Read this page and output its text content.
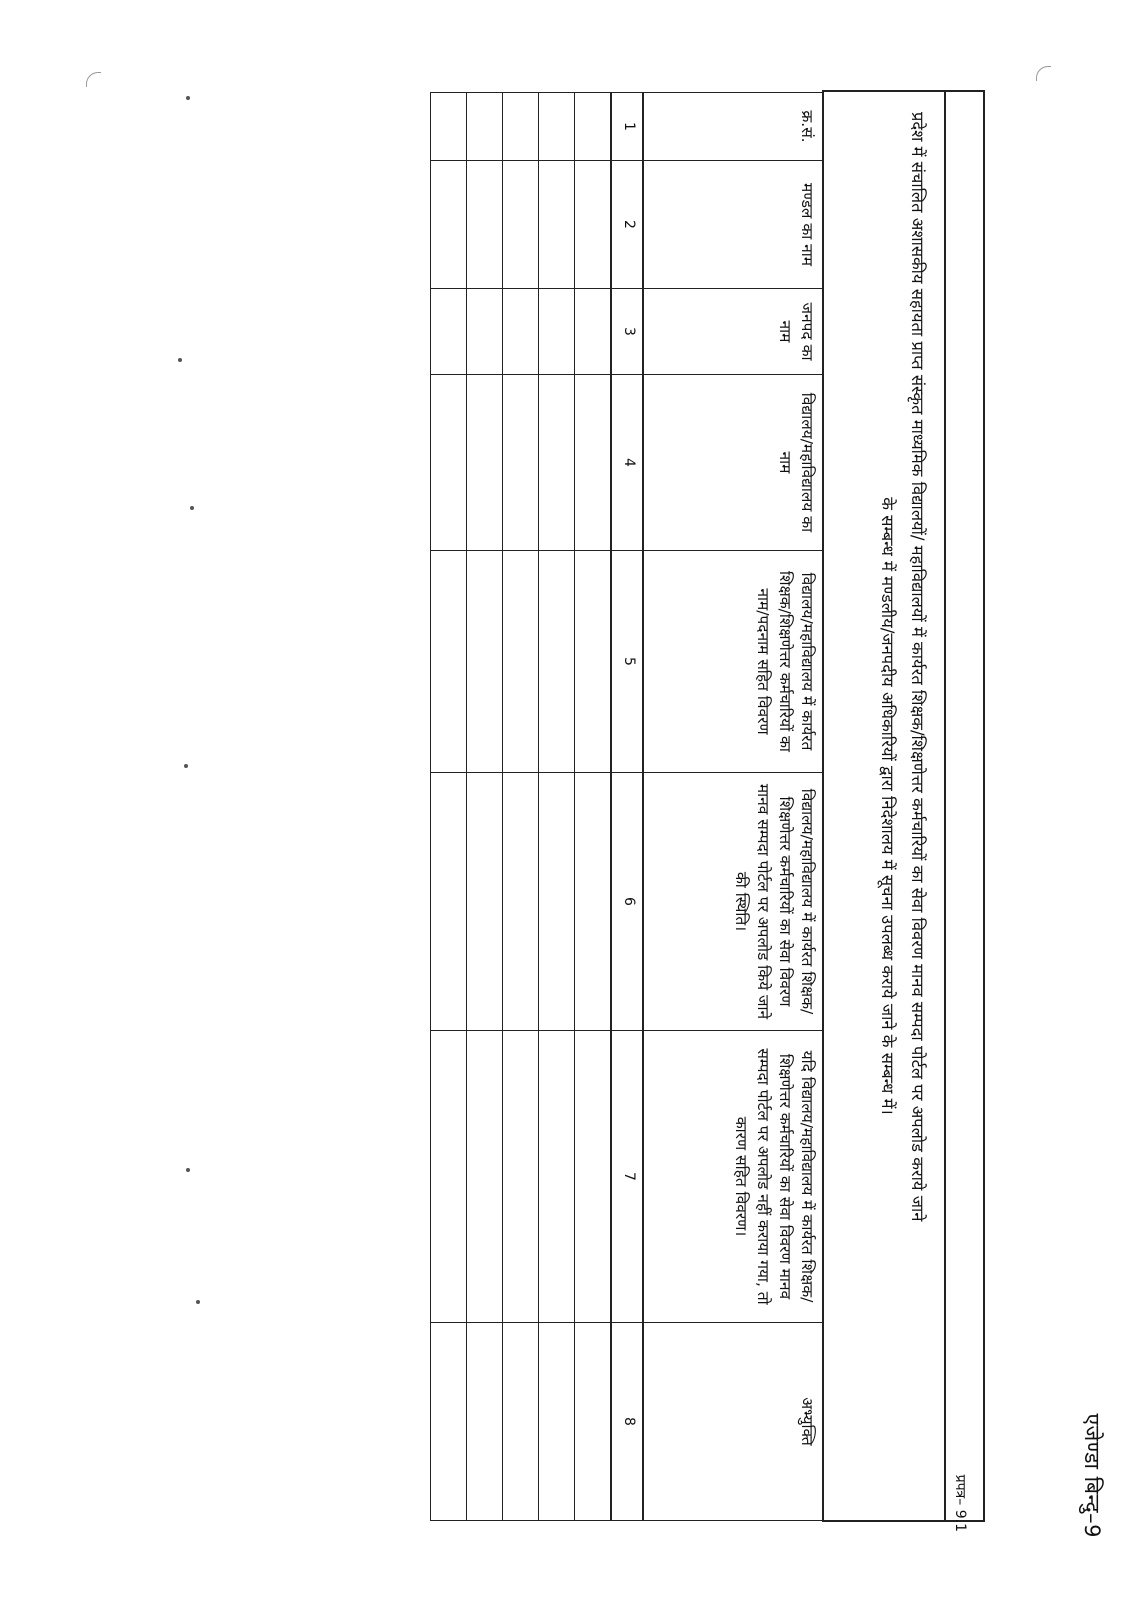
एजेण्डा बिन्दु–9
प्रपत्र– 9.1
प्रदेश में संचालित अशासकीय सहायता प्राप्त संस्कृत माध्यमिक विद्यालयों/ महाविद्यालयों में कार्यरत शिक्षक/शिक्षणेत्तर कर्मचारियों का सेवा विवरण मानव सम्पदा पोर्टल पर अपलोड कराये जाने
के सम्बन्ध में मण्डलीय/जनपदीय अधिकारियों द्वारा निदेशालय में सूचना उपलब्ध कराये जाने के सम्बन्ध में।
क्र.सं.	मण्डल का नाम	जनपद का नाम	विद्यालय/महाविद्यालय का नाम	विद्यालय/महाविद्यालय में कार्यरत शिक्षक/शिक्षणेत्तर कर्मचारियों का नाम/पदनाम सहित विवरण	विद्यालय/महाविद्यालय में कार्यरत शिक्षक/शिक्षणेत्तर कर्मचारियों का सेवा विवरण मानव सम्पदा पोर्टल पर अपलोड किये जाने की स्थिति।	यदि विद्यालय/महाविद्यालय में कार्यरत शिक्षक/शिक्षणेत्तर कर्मचारियों का सेवा विवरण मानव सम्पदा पोर्टल पर अपलोड नहीं कराया गया, तो कारण सहित विवरण।	अभ्युक्ति
1	2	3	4	5	6	7	8
